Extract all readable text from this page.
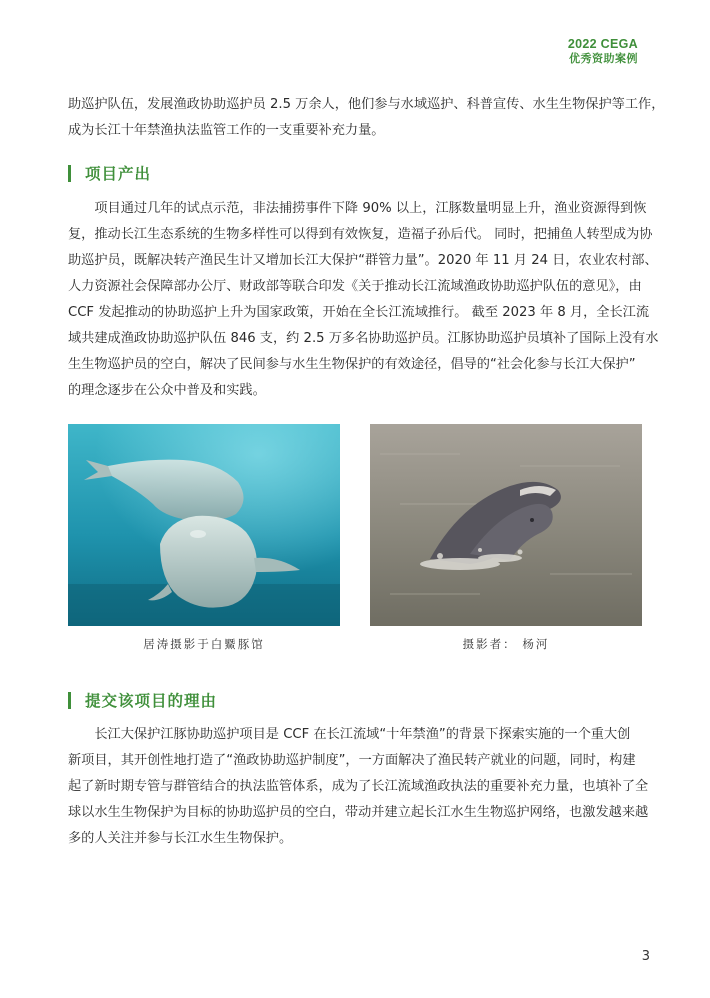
2022 CEGA
优秀资助案例
助巡护队伍，发展渔政协助巡护员 2.5 万余人，他们参与水域巡护、科普宣传、水生生物保护等工作，
成为长江十年禁渔执法监管工作的一支重要补充力量。
项目产出
　　项目通过几年的试点示范，非法捕捞事件下降 90% 以上，江豚数量明显上升，渔业资源得到恢
复，推动长江生态系统的生物多样性可以得到有效恢复，造福子孙后代。 同时，把捕鱼人转型成为协
助巡护员，既解决转产渔民生计又增加长江大保护“群管力量”。2020 年 11 月 24 日，农业农村部、
人力资源社会保障部办公厅、财政部等联合印发《关于推动长江流域渔政协助巡护队伍的意见》，由
CCF 发起推动的协助巡护上升为国家政策，开始在全长江流域推行。 截至 2023 年 8 月，全长江流
域共建成渔政协助巡护队伍 846 支，约 2.5 万多名协助巡护员。江豚协助巡护员填补了国际上没有水
生生物巡护员的空白，解决了民间参与水生生物保护的有效途径，倡导的“社会化参与长江大保护”
的理念逐步在公众中普及和实践。
居涛摄影于白鱀豚馆	摄影者： 杨河
提交该项目的理由
　　长江大保护江豚协助巡护项目是 CCF 在长江流域“十年禁渔”的背景下探索实施的一个重大创
新项目，其开创性地打造了“渔政协助巡护制度”，一方面解决了渔民转产就业的问题，同时，构建
起了新时期专管与群管结合的执法监管体系，成为了长江流域渔政执法的重要补充力量，也填补了全
球以水生生物保护为目标的协助巡护员的空白，带动并建立起长江水生生物巡护网络，也激发越来越
多的人关注并参与长江水生生物保护。
3
